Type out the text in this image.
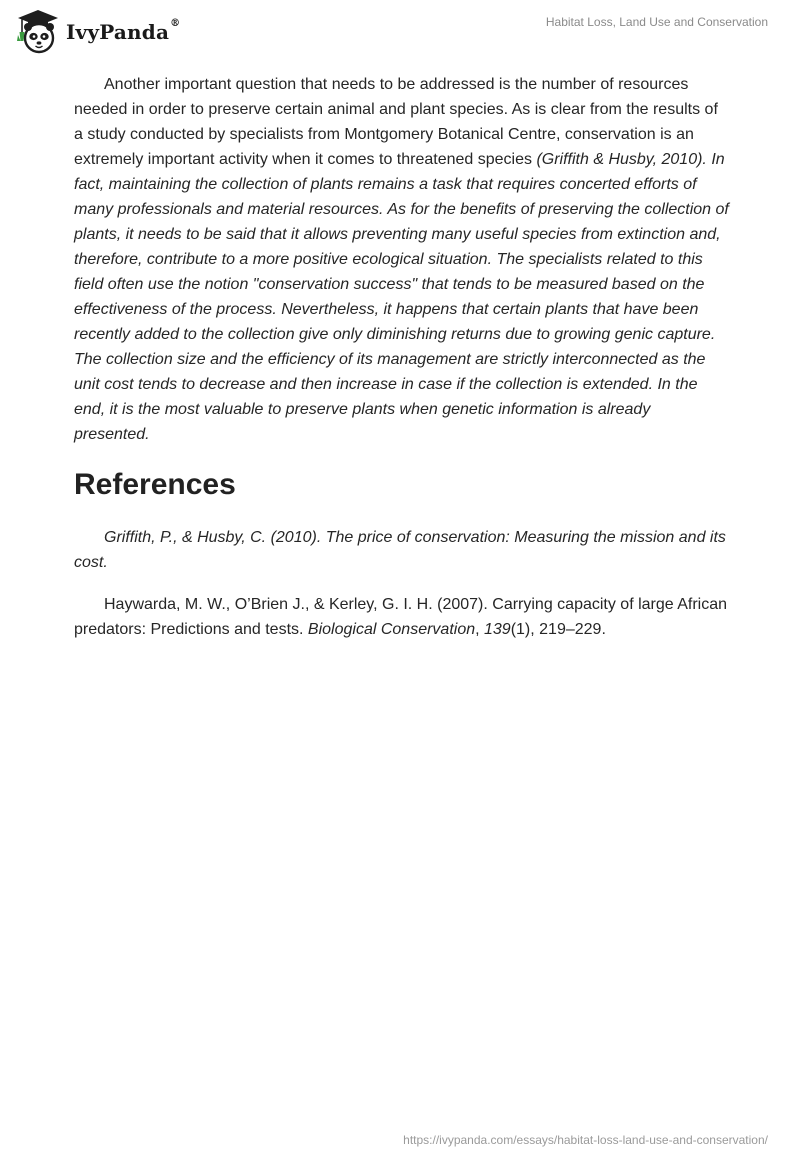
IvyPanda ®	Habitat Loss, Land Use and Conservation

Another important question that needs to be addressed is the number of resources needed in order to preserve certain animal and plant species. As is clear from the results of a study conducted by specialists from Montgomery Botanical Centre, conservation is an extremely important activity when it comes to threatened species (Griffith & Husby, 2010). In fact, maintaining the collection of plants remains a task that requires concerted efforts of many professionals and material resources. As for the benefits of preserving the collection of plants, it needs to be said that it allows preventing many useful species from extinction and, therefore, contribute to a more positive ecological situation. The specialists related to this field often use the notion "conservation success" that tends to be measured based on the effectiveness of the process. Nevertheless, it happens that certain plants that have been recently added to the collection give only diminishing returns due to growing genic capture. The collection size and the efficiency of its management are strictly interconnected as the unit cost tends to decrease and then increase in case if the collection is extended. In the end, it is the most valuable to preserve plants when genetic information is already presented.

References

Griffith, P., & Husby, C. (2010). The price of conservation: Measuring the mission and its cost.

Haywarda, M. W., O’Brien J., & Kerley, G. I. H. (2007). Carrying capacity of large African predators: Predictions and tests. Biological Conservation, 139(1), 219–229.

https://ivypanda.com/essays/habitat-loss-land-use-and-conservation/
